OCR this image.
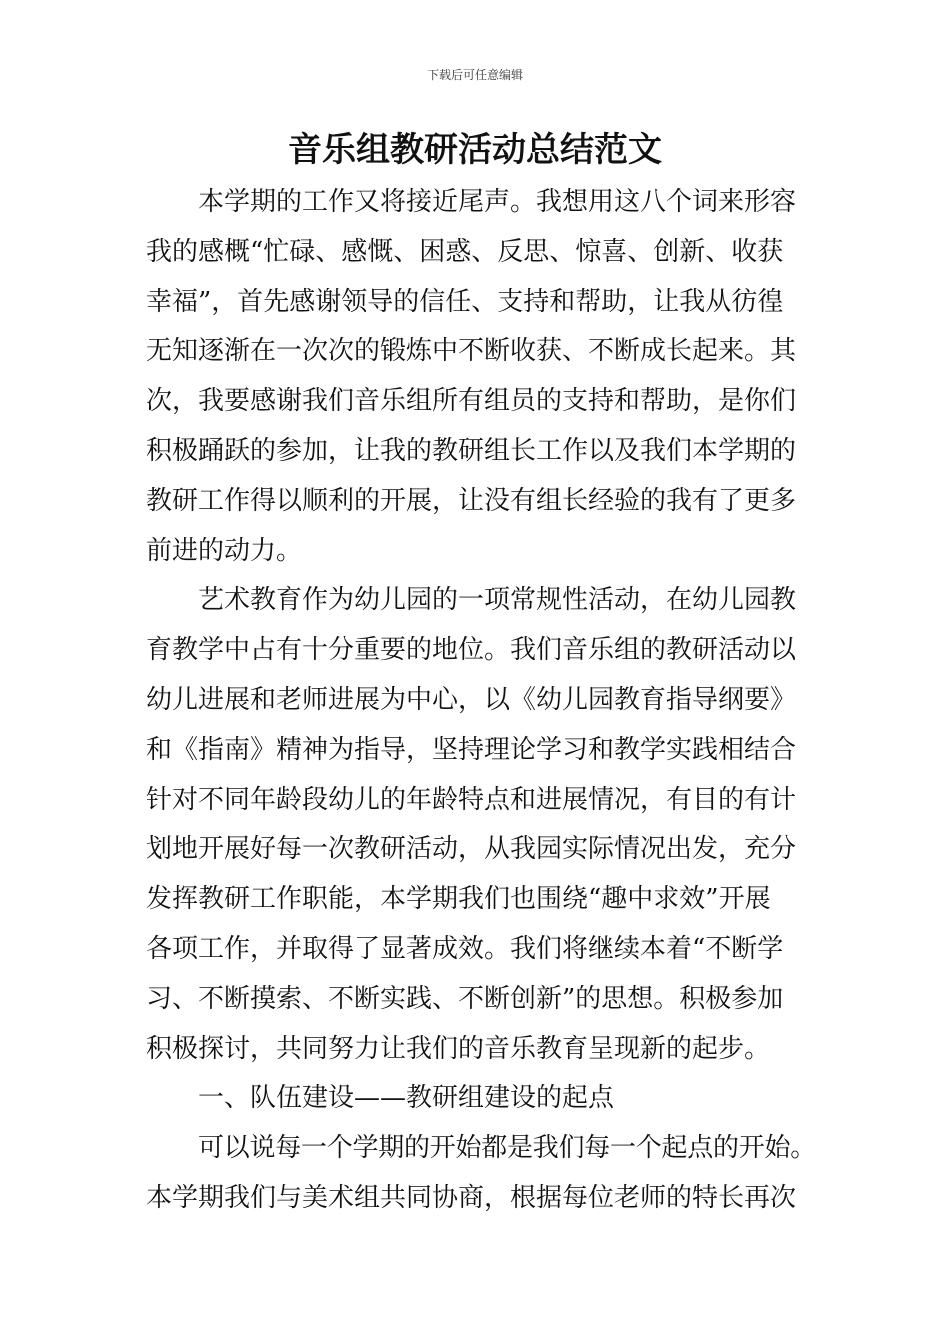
下载后可任意编辑
音乐组教研活动总结范文
本学期的工作又将接近尾声。我想用这八个词来形容
我的感概“忙碌、感慨、困惑、反思、惊喜、创新、收获
幸福”，首先感谢领导的信任、支持和帮助，让我从彷徨
无知逐渐在一次次的锻炼中不断收获、不断成长起来。其
次，我要感谢我们音乐组所有组员的支持和帮助，是你们
积极踊跃的参加，让我的教研组长工作以及我们本学期的
教研工作得以顺利的开展，让没有组长经验的我有了更多
前进的动力。
艺术教育作为幼儿园的一项常规性活动，在幼儿园教
育教学中占有十分重要的地位。我们音乐组的教研活动以
幼儿进展和老师进展为中心，以《幼儿园教育指导纲要》
和《指南》精神为指导，坚持理论学习和教学实践相结合
针对不同年龄段幼儿的年龄特点和进展情况，有目的有计
划地开展好每一次教研活动，从我园实际情况出发，充分
发挥教研工作职能，本学期我们也围绕“趣中求效”开展
各项工作，并取得了显著成效。我们将继续本着“不断学
习、不断摸索、不断实践、不断创新”的思想。积极参加
积极探讨，共同努力让我们的音乐教育呈现新的起步。
一、队伍建设——教研组建设的起点
可以说每一个学期的开始都是我们每一个起点的开始。
本学期我们与美术组共同协商，根据每位老师的特长再次
